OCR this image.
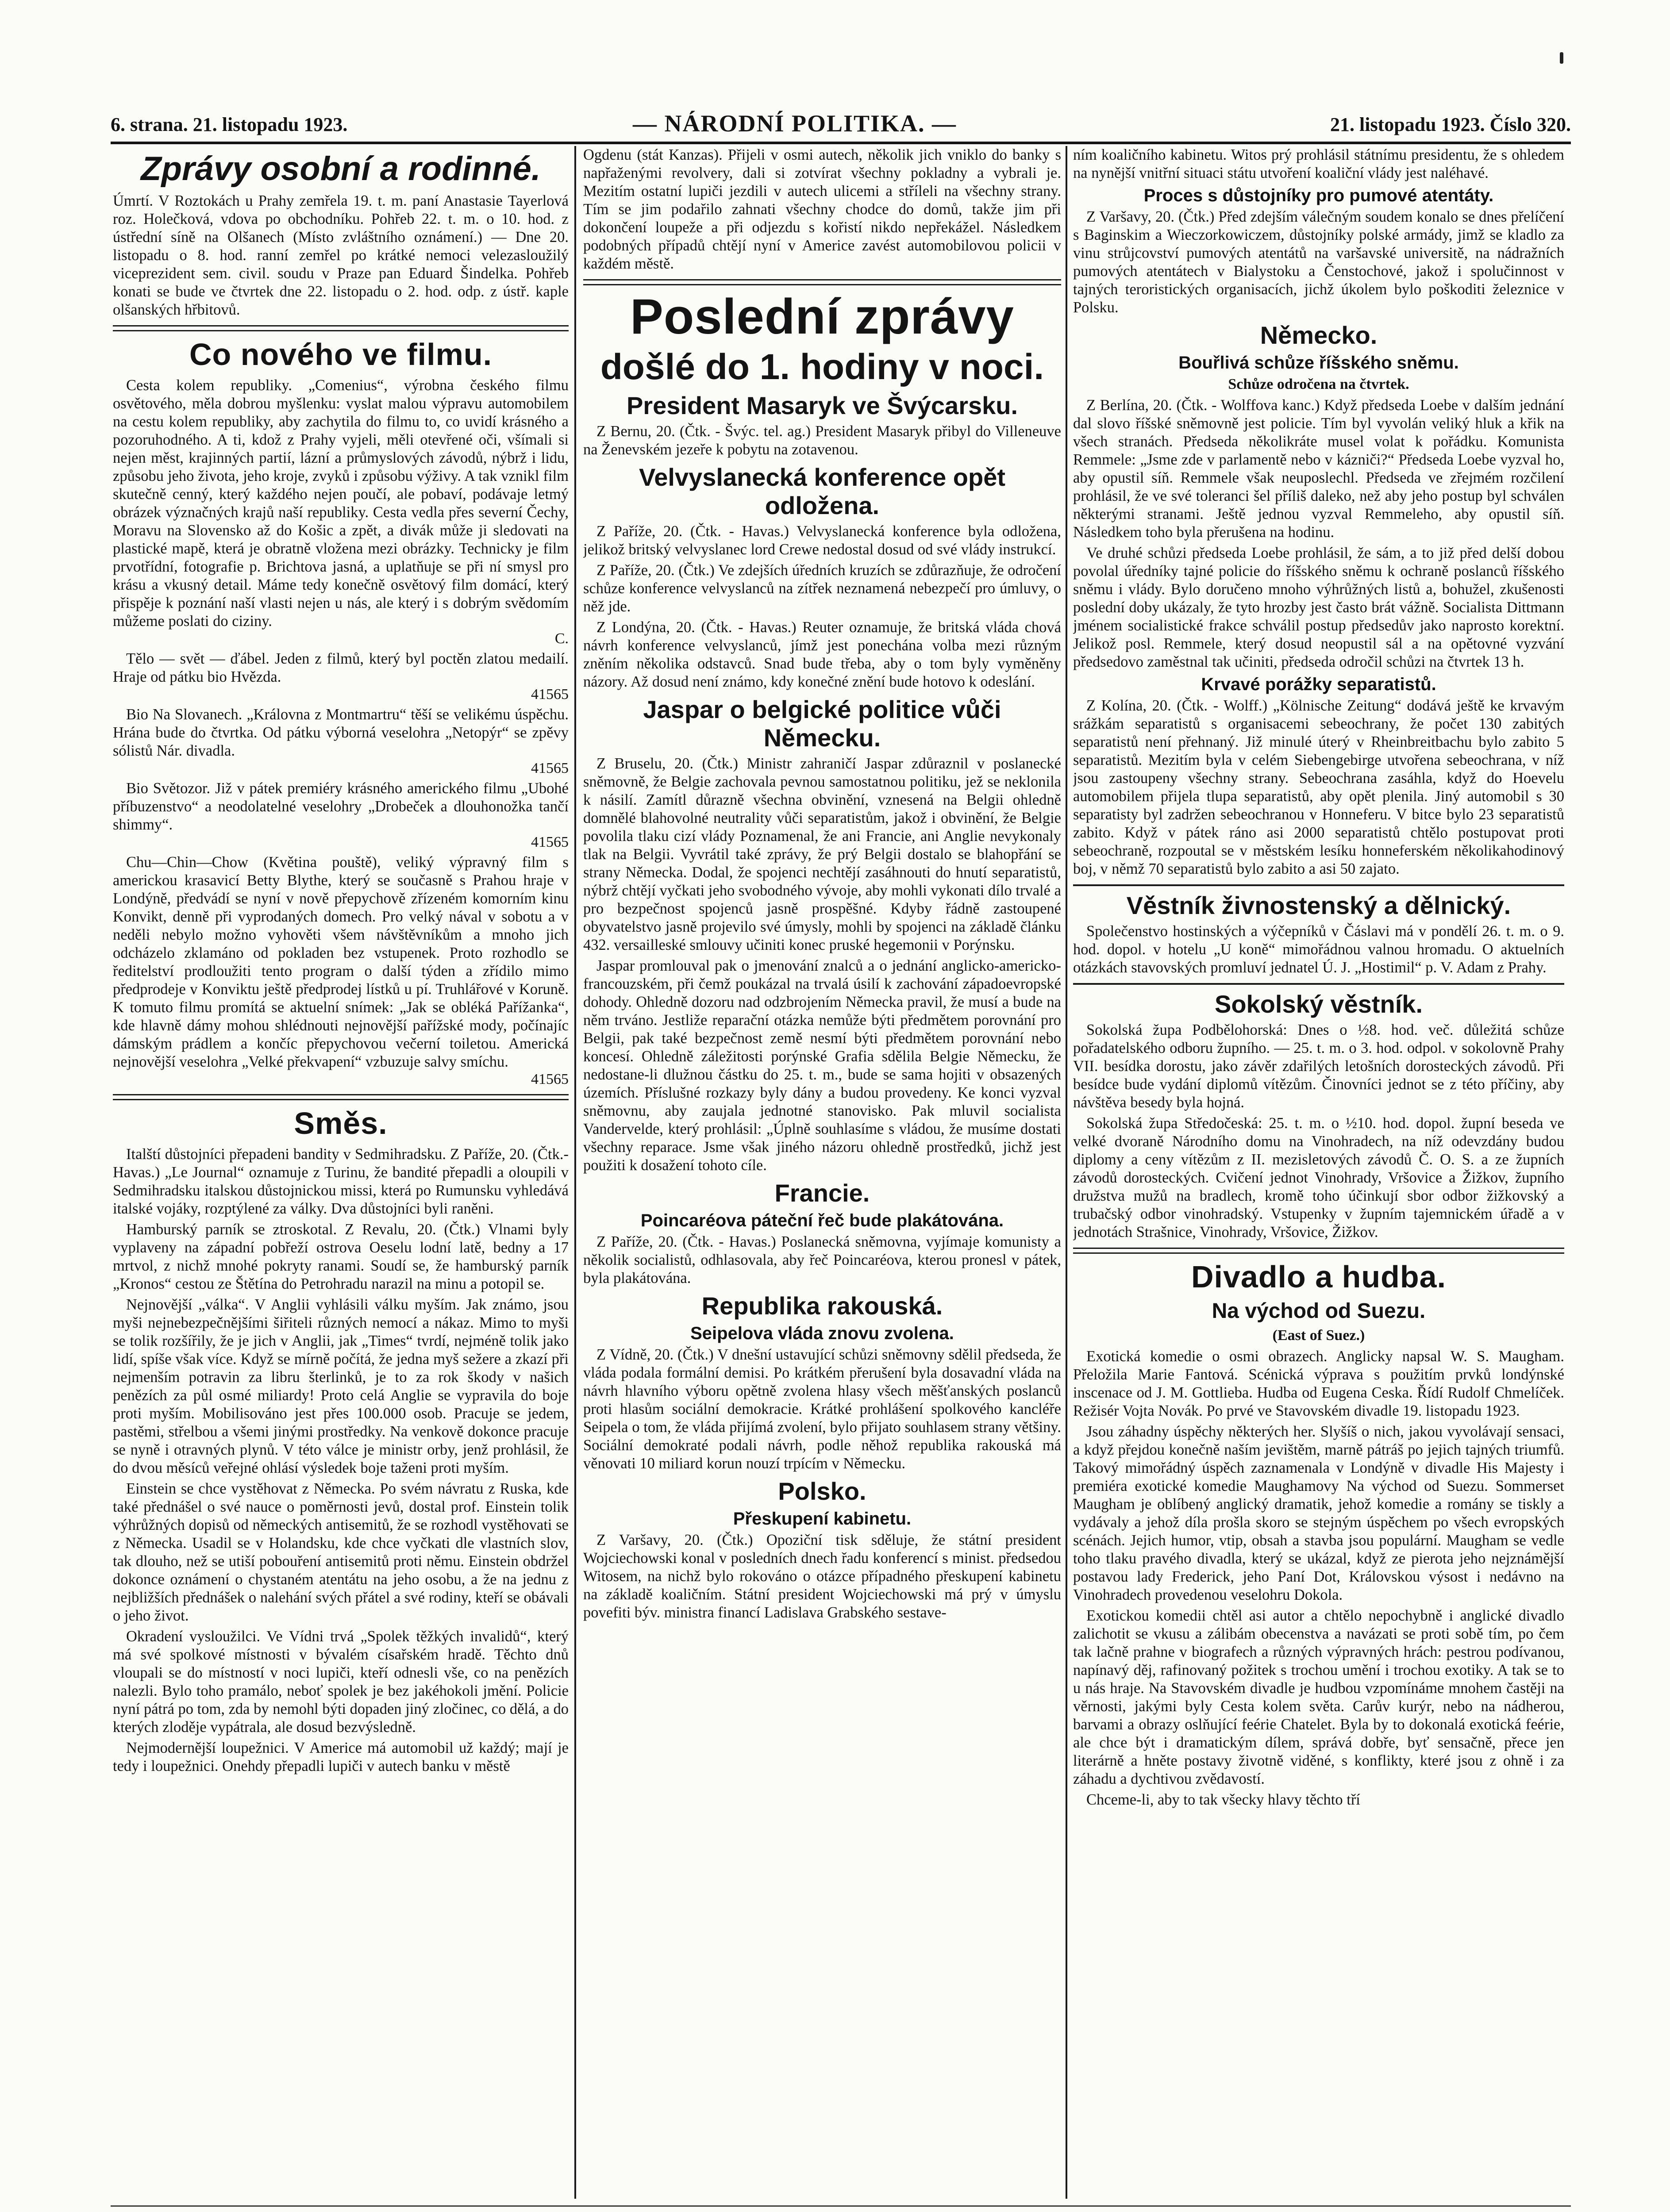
6. strana. 21. listopadu 1923.	— NÁRODNÍ POLITIKA. —	21. listopadu 1923. Číslo 320.
Zprávy osobní a rodinné.

Úmrtí. V Roztokách u Prahy zemřela 19. t. m. paní Anastasie Tayerlová roz. Holečková, vdova po obchodníku. Pohřeb 22. t. m. o 10. hod. z ústřední síně na Olšanech (Místo zvláštního oznámení.) — Dne 20. listopadu o 8. hod. ranní zemřel po krátké nemoci velezasloužilý viceprezident sem. civil. soudu v Praze pan Eduard Šindelka. Pohřeb konati se bude ve čtvrtek dne 22. listopadu o 2. hod. odp. z ústř. kaple olšanských hřbitovů.

Co nového ve filmu.

Cesta kolem republiky. „Comenius“, výrobna českého filmu osvětového, měla dobrou myšlenku: vyslat malou výpravu automobilem na cestu kolem republiky, aby zachytila do filmu to, co uvidí krásného a pozoruhodného. A ti, kdož z Prahy vyjeli, měli otevřené oči, všímali si nejen měst, krajinných partií, lázní a průmyslových závodů, nýbrž i lidu, způsobu jeho života, jeho kroje, zvyků i způsobu výživy. A tak vznikl film skutečně cenný, který každého nejen poučí, ale pobaví, podávaje letmý obrázek význačných krajů naší republiky. Cesta vedla přes severní Čechy, Moravu na Slovensko až do Košic a zpět, a divák může ji sledovati na plastické mapě, která je obratně vložena mezi obrázky. Technicky je film prvotřídní, fotografie p. Brichtova jasná, a uplatňuje se při ní smysl pro krásu a vkusný detail. Máme tedy konečně osvětový film domácí, který přispěje k poznání naší vlasti nejen u nás, ale který i s dobrým svědomím můžeme poslati do ciziny.

C.

Tělo — svět — ďábel. Jeden z filmů, který byl poctěn zlatou medailí. Hraje od pátku bio Hvězda.

41565

Bio Na Slovanech. „Královna z Montmartru“ těší se velikému úspěchu. Hrána bude do čtvrtka. Od pátku výborná veselohra „Netopýr“ se zpěvy sólistů Nár. divadla.

41565

Bio Světozor. Již v pátek premiéry krásného amerického filmu „Ubohé příbuzenstvo“ a neodolatelné veselohry „Drobeček a dlouhonožka tančí shimmy“.

41565

Chu—Chin—Chow (Květina pouště), veliký výpravný film s americkou krasavicí Betty Blythe, který se současně s Prahou hraje v Londýně, předvádí se nyní v nově přepychově zřízeném komorním kinu Konvikt, denně při vyprodaných domech. Pro velký nával v sobotu a v neděli nebylo možno vyhověti všem návštěvníkům a mnoho jich odcházelo zklamáno od pokladen bez vstupenek. Proto rozhodlo se ředitelství prodloužiti tento program o další týden a zřídilo mimo předprodeje v Konviktu ještě předprodej lístků u pí. Truhlářové v Koruně. K tomuto filmu promítá se aktuelní snímek: „Jak se obléká Pařížanka“, kde hlavně dámy mohou shlédnouti nejnovější pařížské mody, počínajíc dámským prádlem a končíc přepychovou večerní toiletou. Americká nejnovější veselohra „Velké překvapení“ vzbuzuje salvy smíchu.

41565
Směs.

Italští důstojníci přepadeni bandity v Sedmihradsku. Z Paříže, 20. (Čtk.-Havas.) „Le Journal“ oznamuje z Turinu, že bandité přepadli a oloupili v Sedmihradsku italskou důstojnickou missi, která po Rumunsku vyhledává italské vojáky, rozptýlené za války. Dva důstojníci byli raněni.

Hamburský parník se ztroskotal. Z Revalu, 20. (Čtk.) Vlnami byly vyplaveny na západní pobřeží ostrova Oeselu lodní latě, bedny a 17 mrtvol, z nichž mnohé pokryty ranami. Soudí se, že hamburský parník „Kronos“ cestou ze Štětína do Petrohradu narazil na minu a potopil se.

Nejnovější „válka“. V Anglii vyhlásili válku myším. Jak známo, jsou myši nejnebezpečnějšími šiřiteli různých nemocí a nákaz. Mimo to myši se tolik rozšířily, že je jich v Anglii, jak „Times“ tvrdí, nejméně tolik jako lidí, spíše však více. Když se mírně počítá, že jedna myš sežere a zkazí při nejmenším potravin za libru šterlinků, je to za rok škody v našich penězích za půl osmé miliardy! Proto celá Anglie se vypravila do boje proti myším. Mobilisováno jest přes 100.000 osob. Pracuje se jedem, pastěmi, střelbou a všemi jinými prostředky. Na venkově dokonce pracuje se nyně i otravných plynů. V této válce je ministr orby, jenž prohlásil, že do dvou měsíců veřejné ohlásí výsledek boje taženi proti myším.

Einstein se chce vystěhovat z Německa. Po svém návratu z Ruska, kde také přednášel o své nauce o poměrnosti jevů, dostal prof. Einstein tolik výhrůžných dopisů od německých antisemitů, že se rozhodl vystěhovati se z Německa. Usadil se v Holandsku, kde chce vyčkati dle vlastních slov, tak dlouho, než se utiší pobouření antisemitů proti němu. Einstein obdržel dokonce oznámení o chystaném atentátu na jeho osobu, a že na jednu z nejbližších přednášek o nalehání svých přátel a své rodiny, kteří se obávali o jeho život.

Okradení vysloužilci. Ve Vídni trvá „Spolek těžkých invalidů“, který má své spolkové místnosti v bývalém císařském hradě. Těchto dnů vloupali se do místností v noci lupiči, kteří odnesli vše, co na penězích nalezli. Bylo toho pramálo, neboť spolek je bez jakéhokoli jmění. Policie nyní pátrá po tom, zda by nemohl býti dopaden jiný zločinec, co dělá, a do kterých zloděje vypátrala, ale dosud bezvýsledně.

Nejmodernější loupežnici. V Americe má automobil už každý; mají je tedy i loupežnici. Onehdy přepadli lupiči v autech banku v městě

Ogdenu (stát Kanzas). Přijeli v osmi autech, několik jich vniklo do banky s napřaženými revolvery, dali si zotvírat všechny pokladny a vybrali je. Mezitím ostatní lupiči jezdili v autech ulicemi a stříleli na všechny strany. Tím se jim podařilo zahnati všechny chodce do domů, takže jim při dokončení loupeže a při odjezdu s kořistí nikdo nepřekážel. Následkem podobných případů chtějí nyní v Americe zavést automobilovou policii v každém městě.

Poslední zprávy
došlé do 1. hodiny v noci.
President Masaryk ve Švýcarsku.

Z Bernu, 20. (Čtk. - Švýc. tel. ag.) President Masaryk přibyl do Villeneuve na Ženevském jezeře k pobytu na zotavenou.

Velvyslanecká konference opět odložena.

Z Paříže, 20. (Čtk. - Havas.) Velvyslanecká konference byla odložena, jelikož britský velvyslanec lord Crewe nedostal dosud od své vlády instrukcí.

Z Paříže, 20. (Čtk.) Ve zdejších úředních kruzích se zdůrazňuje, že odročení schůze konference velvyslanců na zítřek neznamená nebezpečí pro úmluvy, o něž jde.

Z Londýna, 20. (Čtk. - Havas.) Reuter oznamuje, že britská vláda chová návrh konference velvyslanců, jímž jest ponechána volba mezi různým zněním několika odstavců. Snad bude třeba, aby o tom byly vyměněny názory. Až dosud není známo, kdy konečné znění bude hotovo k odeslání.

Jaspar o belgické politice vůči Německu.

Z Bruselu, 20. (Čtk.) Ministr zahraničí Jaspar zdůraznil v poslanecké sněmovně, že Belgie zachovala pevnou samostatnou politiku, jež se neklonila k násilí. Zamítl důrazně všechna obvinění, vznesená na Belgii ohledně domnělé blahovolné neutrality vůči separatistům, jakož i obvinění, že Belgie povolila tlaku cizí vlády Poznamenal, že ani Francie, ani Anglie nevykonaly tlak na Belgii. Vyvrátil také zprávy, že prý Belgii dostalo se blahopřání se strany Německa. Dodal, že spojenci nechtějí zasáhnouti do hnutí separatistů, nýbrž chtějí vyčkati jeho svobodného vývoje, aby mohli vykonati dílo trvalé a pro bezpečnost spojenců jasně prospěšné. Kdyby řádně zastoupené obyvatelstvo jasně projevilo své úmysly, mohli by spojenci na základě článku 432. versailleské smlouvy učiniti konec pruské hegemonii v Porýnsku.

Jaspar promlouval pak o jmenování znalců a o jednání anglicko-americko-francouzském, při čemž poukázal na trvalá úsilí k zachování západoevropské dohody. Ohledně dozoru nad odzbrojením Německa pravil, že musí a bude na něm trváno. Jestliže reparační otázka nemůže býti předmětem porovnání pro Belgii, pak také bezpečnost země nesmí býti předmětem porovnání nebo koncesí. Ohledně záležitosti porýnské Grafia sdělila Belgie Německu, že nedostane-li dlužnou částku do 25. t. m., bude se sama hojiti v obsazených územích. Příslušné rozkazy byly dány a budou provedeny. Ke konci vyzval sněmovnu, aby zaujala jednotné stanovisko. Pak mluvil socialista Vandervelde, který prohlásil: „Úplně souhlasíme s vládou, že musíme dostati všechny reparace. Jsme však jiného názoru ohledně prostředků, jichž jest použiti k dosažení tohoto cíle.

Francie.
Poincaréova páteční řeč bude plakátována.

Z Paříže, 20. (Čtk. - Havas.) Poslanecká sněmovna, vyjímaje komunisty a několik socialistů, odhlasovala, aby řeč Poincaréova, kterou pronesl v pátek, byla plakátována.

Republika rakouská.
Seipelova vláda znovu zvolena.

Z Vídně, 20. (Čtk.) V dnešní ustavující schůzi sněmovny sdělil předseda, že vláda podala formální demisi. Po krátkém přerušení byla dosavadní vláda na návrh hlavního výboru opětně zvolena hlasy všech měšťanských poslanců proti hlasům sociální demokracie. Krátké prohlášení spolkového kancléře Seipela o tom, že vláda přijímá zvolení, bylo přijato souhlasem strany většiny. Sociální demokraté podali návrh, podle něhož republika rakouská má věnovati 10 miliard korun nouzí trpícím v Německu.

Polsko.
Přeskupení kabinetu.

Z Varšavy, 20. (Čtk.) Opoziční tisk sděluje, že státní president Wojciechowski konal v posledních dnech řadu konferencí s minist. předsedou Witosem, na nichž bylo rokováno o otázce případného přeskupení kabinetu na základě koaličním. Státní president Wojciechowski má prý v úmyslu povefiti býv. ministra financí Ladislava Grabského sestave-

ním koaličního kabinetu. Witos prý prohlásil státnímu presidentu, že s ohledem na nynější vnitřní situaci státu utvoření koaliční vlády jest naléhavé.

Proces s důstojníky pro pumové atentáty.

Z Varšavy, 20. (Čtk.) Před zdejším válečným soudem konalo se dnes přelíčení s Baginskim a Wieczorkowiczem, důstojníky polské armády, jimž se kladlo za vinu strůjcovství pumových atentátů na varšavské universitě, na nádražních pumových atentátech v Bialystoku a Čenstochové, jakož i spolučinnost v tajných teroristických organisacích, jichž úkolem bylo poškoditi železnice v Polsku.

Německo.
Bouřlivá schůze říšského sněmu.
Schůze odročena na čtvrtek.

Z Berlína, 20. (Čtk. - Wolffova kanc.) Když předseda Loebe v dalším jednání dal slovo říšské sněmovně jest policie. Tím byl vyvolán veliký hluk a křik na všech stranách. Předseda několikráte musel volat k pořádku. Komunista Remmele: „Jsme zde v parlamentě nebo v kázniči?“ Předseda Loebe vyzval ho, aby opustil síň. Remmele však neuposlechl. Předseda ve zřejmém rozčilení prohlásil, že ve své toleranci šel příliš daleko, než aby jeho postup byl schválen některými stranami. Ještě jednou vyzval Remmeleho, aby opustil síň. Následkem toho byla přerušena na hodinu.

Ve druhé schůzi předseda Loebe prohlásil, že sám, a to již před delší dobou povolal úředníky tajné policie do říšského sněmu k ochraně poslanců říšského sněmu i vlády. Bylo doručeno mnoho výhrůžných listů a, bohužel, zkušenosti poslední doby ukázaly, že tyto hrozby jest často brát vážně. Socialista Dittmann jménem socialistické frakce schválil postup předsedův jako naprosto korektní. Jelikož posl. Remmele, který dosud neopustil sál a na opětovné vyzvání předsedovo zaměstnal tak učiniti, předseda odročil schůzi na čtvrtek 13 h.

Krvavé porážky separatistů.

Z Kolína, 20. (Čtk. - Wolff.) „Kölnische Zeitung“ dodává ještě ke krvavým srážkám separatistů s organisacemi sebeochrany, že počet 130 zabitých separatistů není přehnaný. Již minulé úterý v Rheinbreitbachu bylo zabito 5 separatistů. Mezitím byla v celém Siebengebirge utvořena sebeochrana, v níž jsou zastoupeny všechny strany. Sebeochrana zasáhla, když do Hoevelu automobilem přijela tlupa separatistů, aby opět plenila. Jiný automobil s 30 separatisty byl zadržen sebeochranou v Honneferu. V bitce bylo 23 separatistů zabito. Když v pátek ráno asi 2000 separatistů chtělo postupovat proti sebeochraně, rozpoutal se v městském lesíku honneferském několikahodinový boj, v němž 70 separatistů bylo zabito a asi 50 zajato.

Věstník živnostenský a dělnický.

Společenstvo hostinských a výčepníků v Čáslavi má v pondělí 26. t. m. o 9. hod. dopol. v hotelu „U koně“ mimořádnou valnou hromadu. O aktuelních otázkách stavovských promluví jednatel Ú. J. „Hostimil“ p. V. Adam z Prahy.

Sokolský věstník.

Sokolská župa Podbělohorská: Dnes o ½8. hod. več. důležitá schůze pořadatelského odboru župního. — 25. t. m. o 3. hod. odpol. v sokolovně Prahy VII. besídka dorostu, jako závěr zdařilých letošních dorosteckých závodů. Při besídce bude vydání diplomů vítězům. Činovníci jednot se z této příčiny, aby návštěva besedy byla hojná.

Sokolská župa Středočeská: 25. t. m. o ½10. hod. dopol. župní beseda ve velké dvoraně Národního domu na Vinohradech, na níž odevzdány budou diplomy a ceny vítězům z II. mezisletových závodů Č. O. S. a ze župních závodů dorosteckých. Cvičení jednot Vinohrady, Vršovice a Žižkov, župního družstva mužů na bradlech, kromě toho účinkují sbor odbor žižkovský a trubačský odbor vinohradský. Vstupenky v župním tajemnickém úřadě a v jednotách Strašnice, Vinohrady, Vršovice, Žižkov.

Divadlo a hudba.
Na východ od Suezu.
(East of Suez.)

Exotická komedie o osmi obrazech. Anglicky napsal W. S. Maugham. Přeložila Marie Fantová. Scénická výprava s použitím prvků londýnské inscenace od J. M. Gottlieba. Hudba od Eugena Ceska. Řídí Rudolf Chmelíček. Režisér Vojta Novák. Po prvé ve Stavovském divadle 19. listopadu 1923.

Jsou záhadny úspěchy některých her. Slyšíš o nich, jakou vyvolávají sensaci, a když přejdou konečně naším jevištěm, marně pátráš po jejich tajných triumfů. Takový mimořádný úspěch zaznamenala v Londýně v divadle His Majesty i premiéra exotické komedie Maughamovy Na východ od Suezu. Sommerset Maugham je oblíbený anglický dramatik, jehož komedie a romány se tiskly a vydávaly a jehož díla prošla skoro se stejným úspěchem po všech evropských scénách. Jejich humor, vtip, obsah a stavba jsou populární. Maugham se vedle toho tlaku pravého divadla, který se ukázal, když ze pierota jeho nejznámější postavou lady Frederick, jeho Paní Dot, Královskou výsost i nedávno na Vinohradech provedenou veselohru Dokola.

Exotickou komedii chtěl asi autor a chtělo nepochybně i anglické divadlo zalichotit se vkusu a zálibám obecenstva a navázati se proti sobě tím, po čem tak lačně prahne v biografech a různých výpravných hrách: pestrou podívanou, napínavý děj, rafinovaný požitek s trochou umění i trochou exotiky. A tak se to u nás hraje. Na Stavovském divadle je hudbou vzpomínáme mnohem častěji na věrnosti, jakými byly Cesta kolem světa. Carův kurýr, nebo na nádherou, barvami a obrazy oslňující feérie Chatelet. Byla by to dokonalá exotická feérie, ale chce být i dramatickým dílem, správá dobře, byť sensačně, přece jen literárně a hněte postavy životně viděné, s konflikty, které jsou z ohně i za záhadu a dychtivou zvědavostí.

Chceme-li, aby to tak všecky hlavy těchto tří
